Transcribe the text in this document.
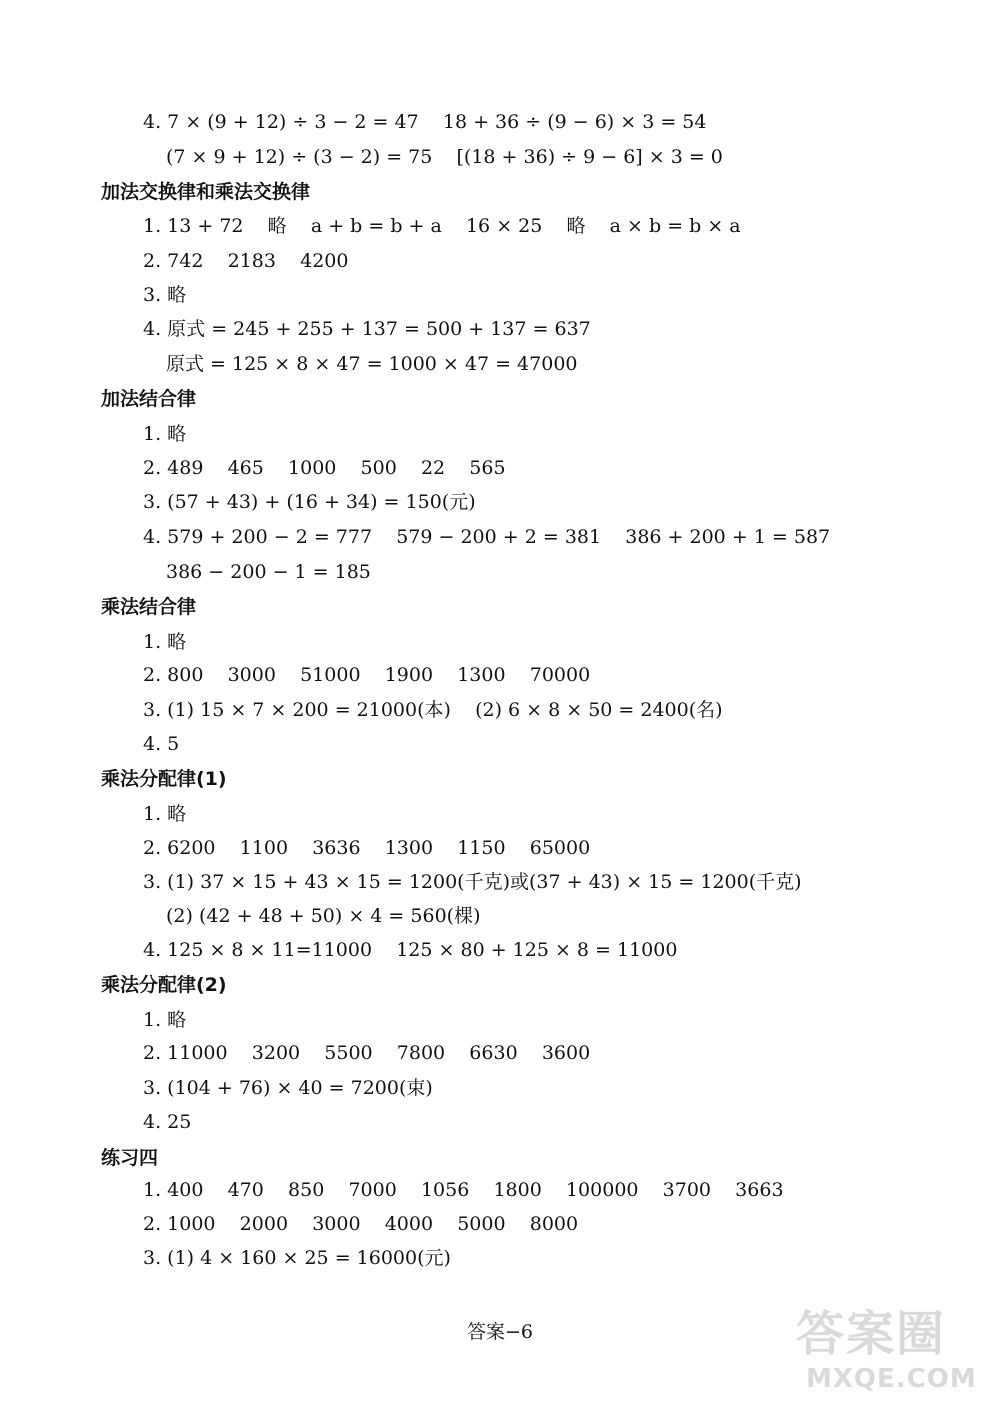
4. 7 × (9 + 12) ÷ 3 − 2 = 47    18 + 36 ÷ (9 − 6) × 3 = 54
(7 × 9 + 12) ÷ (3 − 2) = 75    [(18 + 36) ÷ 9 − 6] × 3 = 0
加法交换律和乘法交换律
1. 13 + 72    略    a + b = b + a    16 × 25    略    a × b = b × a
2. 742    2183    4200
3. 略
4. 原式 = 245 + 255 + 137 = 500 + 137 = 637
原式 = 125 × 8 × 47 = 1000 × 47 = 47000
加法结合律
1. 略
2. 489    465    1000    500    22    565
3. (57 + 43) + (16 + 34) = 150(元)
4. 579 + 200 − 2 = 777    579 − 200 + 2 = 381    386 + 200 + 1 = 587
386 − 200 − 1 = 185
乘法结合律
1. 略
2. 800    3000    51000    1900    1300    70000
3. (1) 15 × 7 × 200 = 21000(本)    (2) 6 × 8 × 50 = 2400(名)
4. 5
乘法分配律(1)
1. 略
2. 6200    1100    3636    1300    1150    65000
3. (1) 37 × 15 + 43 × 15 = 1200(千克)或(37 + 43) × 15 = 1200(千克)
(2) (42 + 48 + 50) × 4 = 560(棵)
4. 125 × 8 × 11=11000    125 × 80 + 125 × 8 = 11000
乘法分配律(2)
1. 略
2. 11000    3200    5500    7800    6630    3600
3. (104 + 76) × 40 = 7200(束)
4. 25
练习四
1. 400    470    850    7000    1056    1800    100000    3700    3663
2. 1000    2000    3000    4000    5000    8000
3. (1) 4 × 160 × 25 = 16000(元)
答案−6	答案圈
MXQE.COM
